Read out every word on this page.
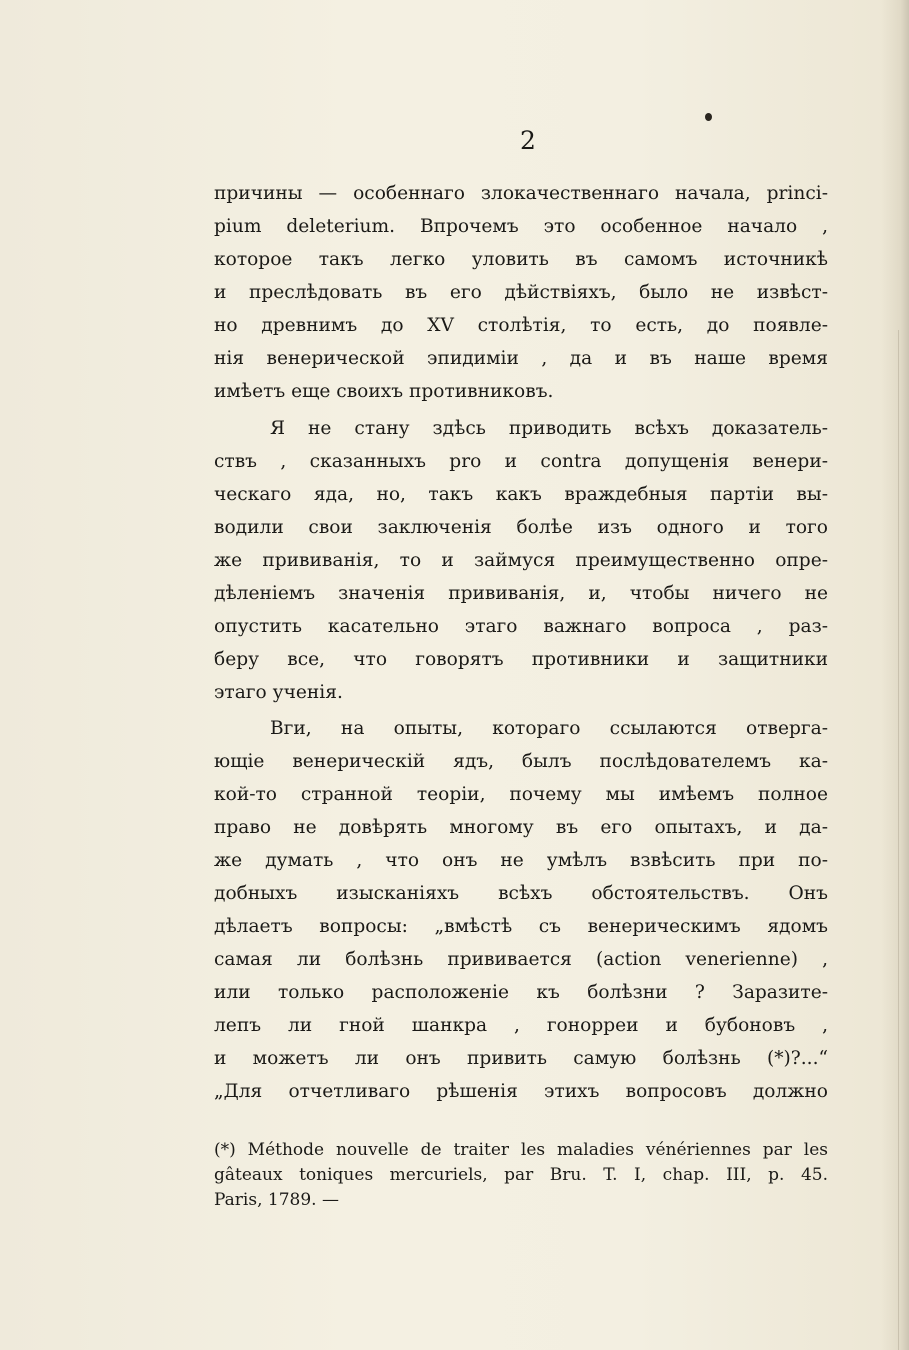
2
причины — особеннаго злокачественнаго начала, princi-
pium deleterium. Впрочемъ это особенное начало ,
которое такъ легко уловить въ самомъ источникѣ
и преслѣдовать въ его дѣйствіяхъ, было не извѣст-
но древнимъ до XV столѣтія, то есть, до появле-
нія венерической эпидиміи , да и въ наше время
имѣетъ еще своихъ противниковъ.
Я не стану здѣсь приводить всѣхъ доказатель-
ствъ , сказанныхъ pro и contra допущенія венери-
ческаго яда, но, такъ какъ враждебныя партіи вы-
водили свои заключенія болѣе изъ одного и того
же прививанія, то и займуся преимущественно опре-
дѣленіемъ значенія прививанія, и, чтобы ничего не
опустить касательно этаго важнаго вопроса , раз-
беру все, что говорятъ противники и защитники
этаго ученія.
Вги, на опыты, котораго ссылаются отверга-
ющіе венерическій ядъ, былъ послѣдователемъ ка-
кой-то странной теоріи, почему мы имѣемъ полное
право не довѣрять многому въ его опытахъ, и да-
же думать , что онъ не умѣлъ взвѣсить при по-
добныхъ изысканіяхъ всѣхъ обстоятельствъ. Онъ
дѣлаетъ вопросы: „вмѣстѣ съ венерическимъ ядомъ
самая ли болѣзнь прививается (action venerienne) ,
или только расположеніе къ болѣзни ? Заразите-
лепъ ли гной шанкра , гонорреи и бубоновъ ,
и можетъ ли онъ привить самую болѣзнь (*)?...“
„Для отчетливаго рѣшенія этихъ вопросовъ должно
(*) Méthode nouvelle de traiter les maladies vénériennes par les
gâteaux toniques mercuriels, par Bru. T. I, chap. III, p. 45.
Paris, 1789. —
